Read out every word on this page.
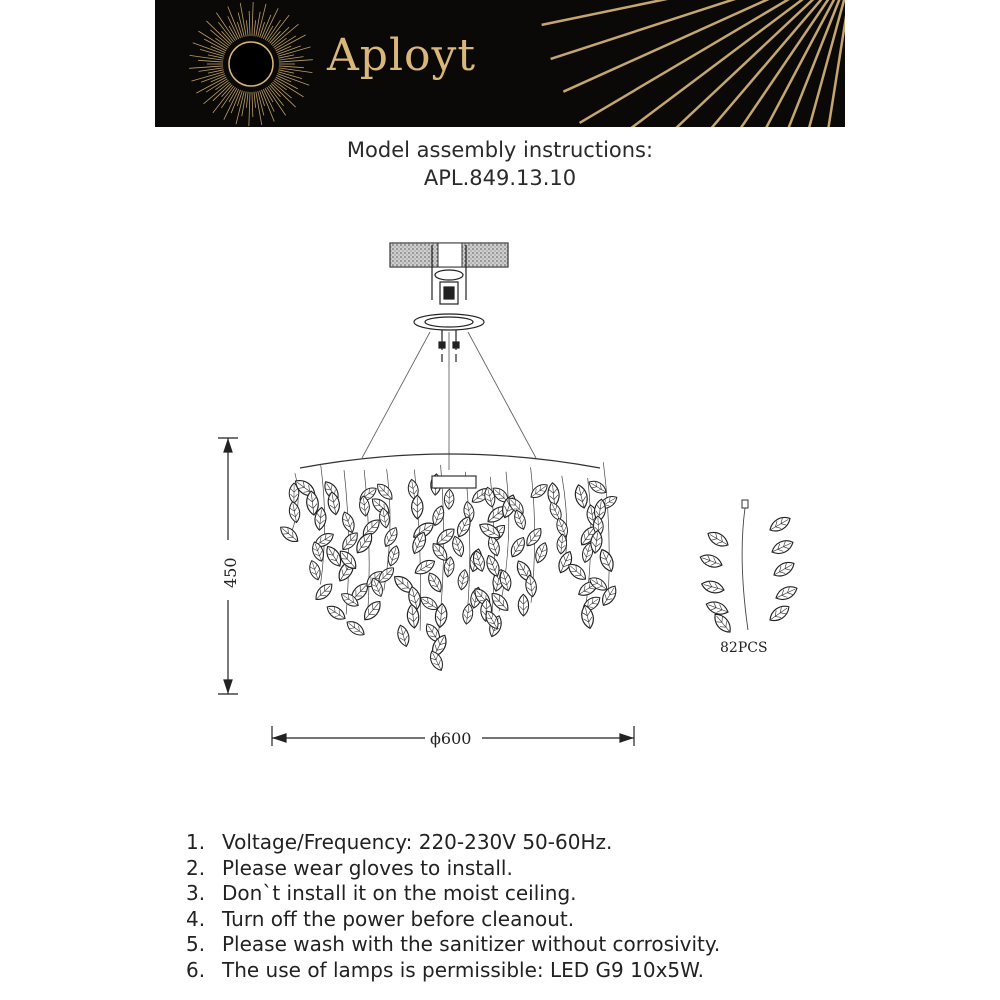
Aployt
Model assembly instructions:
APL.849.13.10
450
ϕ600
82PCS
1. Voltage/Frequency: 220-230V 50-60Hz.
2. Please wear gloves to install.
3. Don`t install it on the moist ceiling.
4. Turn off the power before cleanout.
5. Please wash with the sanitizer without corrosivity.
6. The use of lamps is permissible: LED G9 10x5W.
